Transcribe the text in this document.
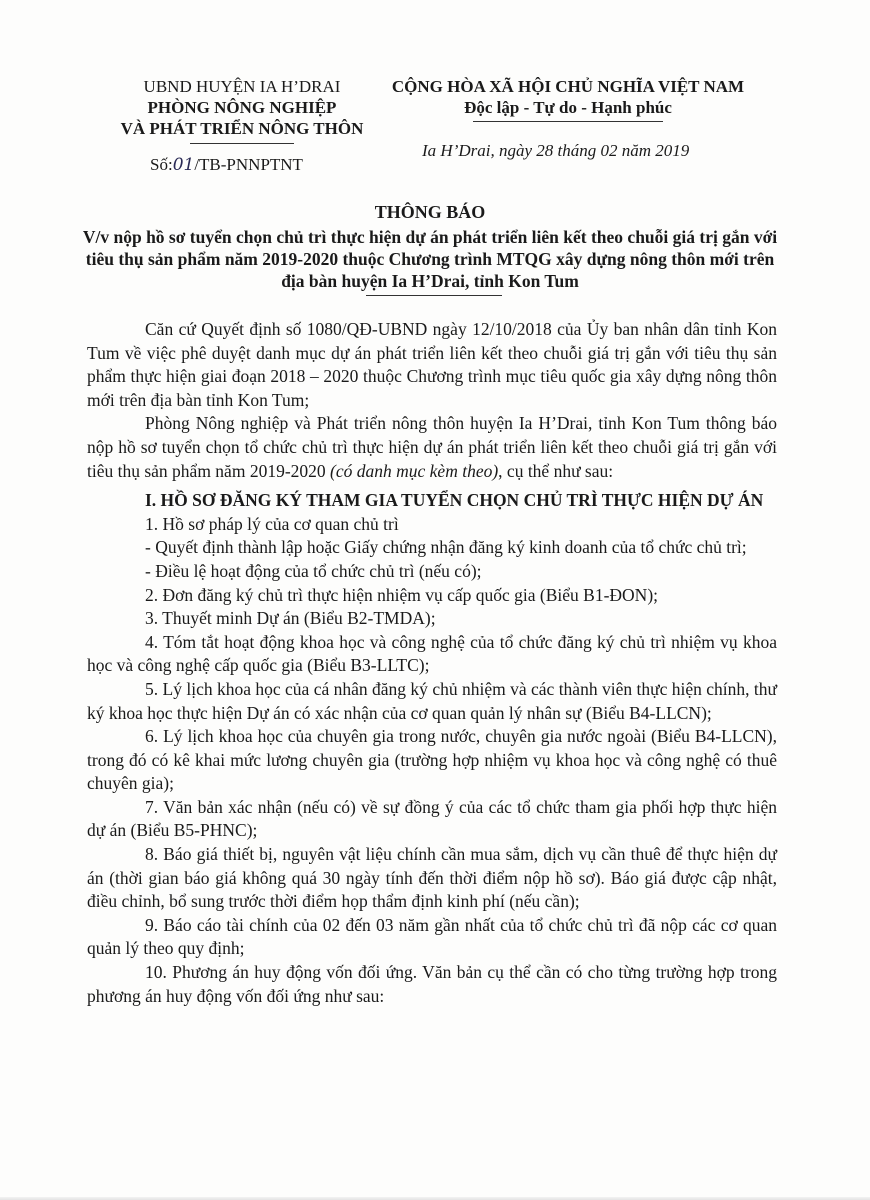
UBND HUYỆN IA H’DRAI
PHÒNG NÔNG NGHIỆP
VÀ PHÁT TRIỂN NÔNG THÔN
CỘNG HÒA XÃ HỘI CHỦ NGHĨA VIỆT NAM
Độc lập - Tự do - Hạnh phúc
Số:01/TB-PNNPTNT
Ia H’Drai, ngày 28 tháng 02 năm 2019
THÔNG BÁO
V/v nộp hồ sơ tuyển chọn chủ trì thực hiện dự án phát triển liên kết theo chuỗi giá trị gắn với tiêu thụ sản phẩm năm 2019-2020 thuộc Chương trình MTQG xây dựng nông thôn mới trên địa bàn huyện Ia H’Drai, tỉnh Kon Tum

Căn cứ Quyết định số 1080/QĐ-UBND ngày 12/10/2018 của Ủy ban nhân dân tỉnh Kon Tum về việc phê duyệt danh mục dự án phát triển liên kết theo chuỗi giá trị gắn với tiêu thụ sản phẩm thực hiện giai đoạn 2018 – 2020 thuộc Chương trình mục tiêu quốc gia xây dựng nông thôn mới trên địa bàn tỉnh Kon Tum;

Phòng Nông nghiệp và Phát triển nông thôn huyện Ia H’Drai, tỉnh Kon Tum thông báo nộp hồ sơ tuyển chọn tổ chức chủ trì thực hiện dự án phát triển liên kết theo chuỗi giá trị gắn với tiêu thụ sản phẩm năm 2019-2020 (có danh mục kèm theo), cụ thể như sau:

I. HỒ SƠ ĐĂNG KÝ THAM GIA TUYỂN CHỌN CHỦ TRÌ THỰC HIỆN DỰ ÁN

1. Hồ sơ pháp lý của cơ quan chủ trì

- Quyết định thành lập hoặc Giấy chứng nhận đăng ký kinh doanh của tổ chức chủ trì;

- Điều lệ hoạt động của tổ chức chủ trì (nếu có);

2. Đơn đăng ký chủ trì thực hiện nhiệm vụ cấp quốc gia (Biểu B1-ĐON);

3. Thuyết minh Dự án (Biểu B2-TMDA);

4. Tóm tắt hoạt động khoa học và công nghệ của tổ chức đăng ký chủ trì nhiệm vụ khoa học và công nghệ cấp quốc gia (Biểu B3-LLTC);

5. Lý lịch khoa học của cá nhân đăng ký chủ nhiệm và các thành viên thực hiện chính, thư ký khoa học thực hiện Dự án có xác nhận của cơ quan quản lý nhân sự (Biểu B4-LLCN);

6. Lý lịch khoa học của chuyên gia trong nước, chuyên gia nước ngoài (Biểu B4-LLCN), trong đó có kê khai mức lương chuyên gia (trường hợp nhiệm vụ khoa học và công nghệ có thuê chuyên gia);

7. Văn bản xác nhận (nếu có) về sự đồng ý của các tổ chức tham gia phối hợp thực hiện dự án (Biểu B5-PHNC);

8. Báo giá thiết bị, nguyên vật liệu chính cần mua sắm, dịch vụ cần thuê để thực hiện dự án (thời gian báo giá không quá 30 ngày tính đến thời điểm nộp hồ sơ). Báo giá được cập nhật, điều chỉnh, bổ sung trước thời điểm họp thẩm định kinh phí (nếu cần);

9. Báo cáo tài chính của 02 đến 03 năm gần nhất của tổ chức chủ trì đã nộp các cơ quan quản lý theo quy định;

10. Phương án huy động vốn đối ứng. Văn bản cụ thể cần có cho từng trường hợp trong phương án huy động vốn đối ứng như sau:
